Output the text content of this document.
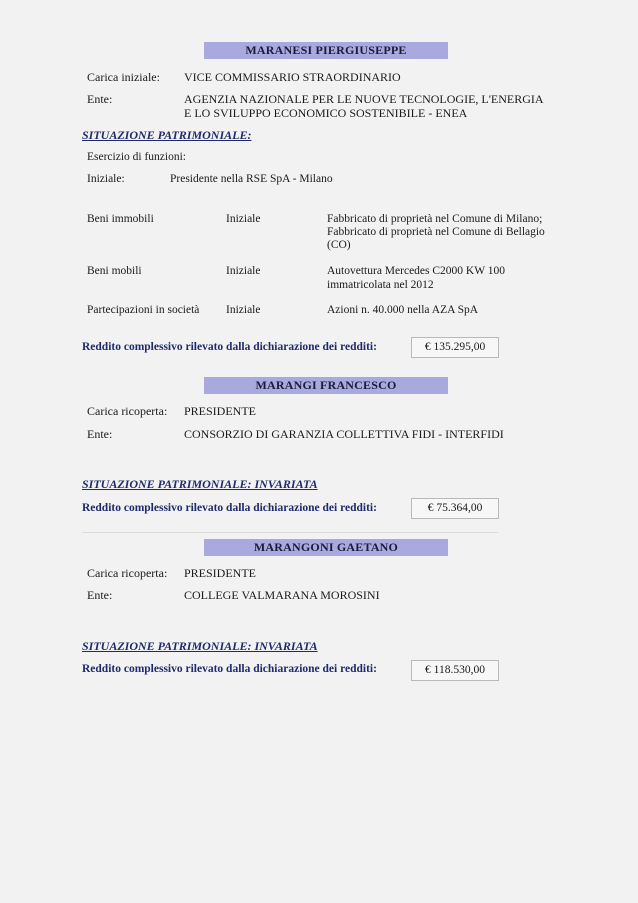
MARANESI PIERGIUSEPPE
Carica iniziale: VICE COMMISSARIO STRAORDINARIO
Ente:	AGENZIA NAZIONALE PER LE NUOVE TECNOLOGIE, L'ENERGIA
E LO SVILUPPO ECONOMICO SOSTENIBILE - ENEA
SITUAZIONE PATRIMONIALE:
Esercizio di funzioni:
Iniziale:	Presidente nella RSE SpA - Milano
Beni immobili	Iniziale	Fabbricato di proprietà nel Comune di Milano;
Fabbricato di proprietà nel Comune di Bellagio
(CO)
Beni mobili	Iniziale	Autovettura Mercedes C2000 KW 100
immatricolata nel 2012
Partecipazioni in società Iniziale	Azioni n. 40.000 nella AZA SpA
Reddito complessivo rilevato dalla dichiarazione dei redditi:	€ 135.295,00
MARANGI FRANCESCO
Carica ricoperta: PRESIDENTE
Ente:	CONSORZIO DI GARANZIA COLLETTIVA FIDI - INTERFIDI
SITUAZIONE PATRIMONIALE: INVARIATA
Reddito complessivo rilevato dalla dichiarazione dei redditi:	€ 75.364,00
MARANGONI GAETANO
Carica ricoperta: PRESIDENTE
Ente:	COLLEGE VALMARANA MOROSINI
SITUAZIONE PATRIMONIALE: INVARIATA
Reddito complessivo rilevato dalla dichiarazione dei redditi:	€ 118.530,00
